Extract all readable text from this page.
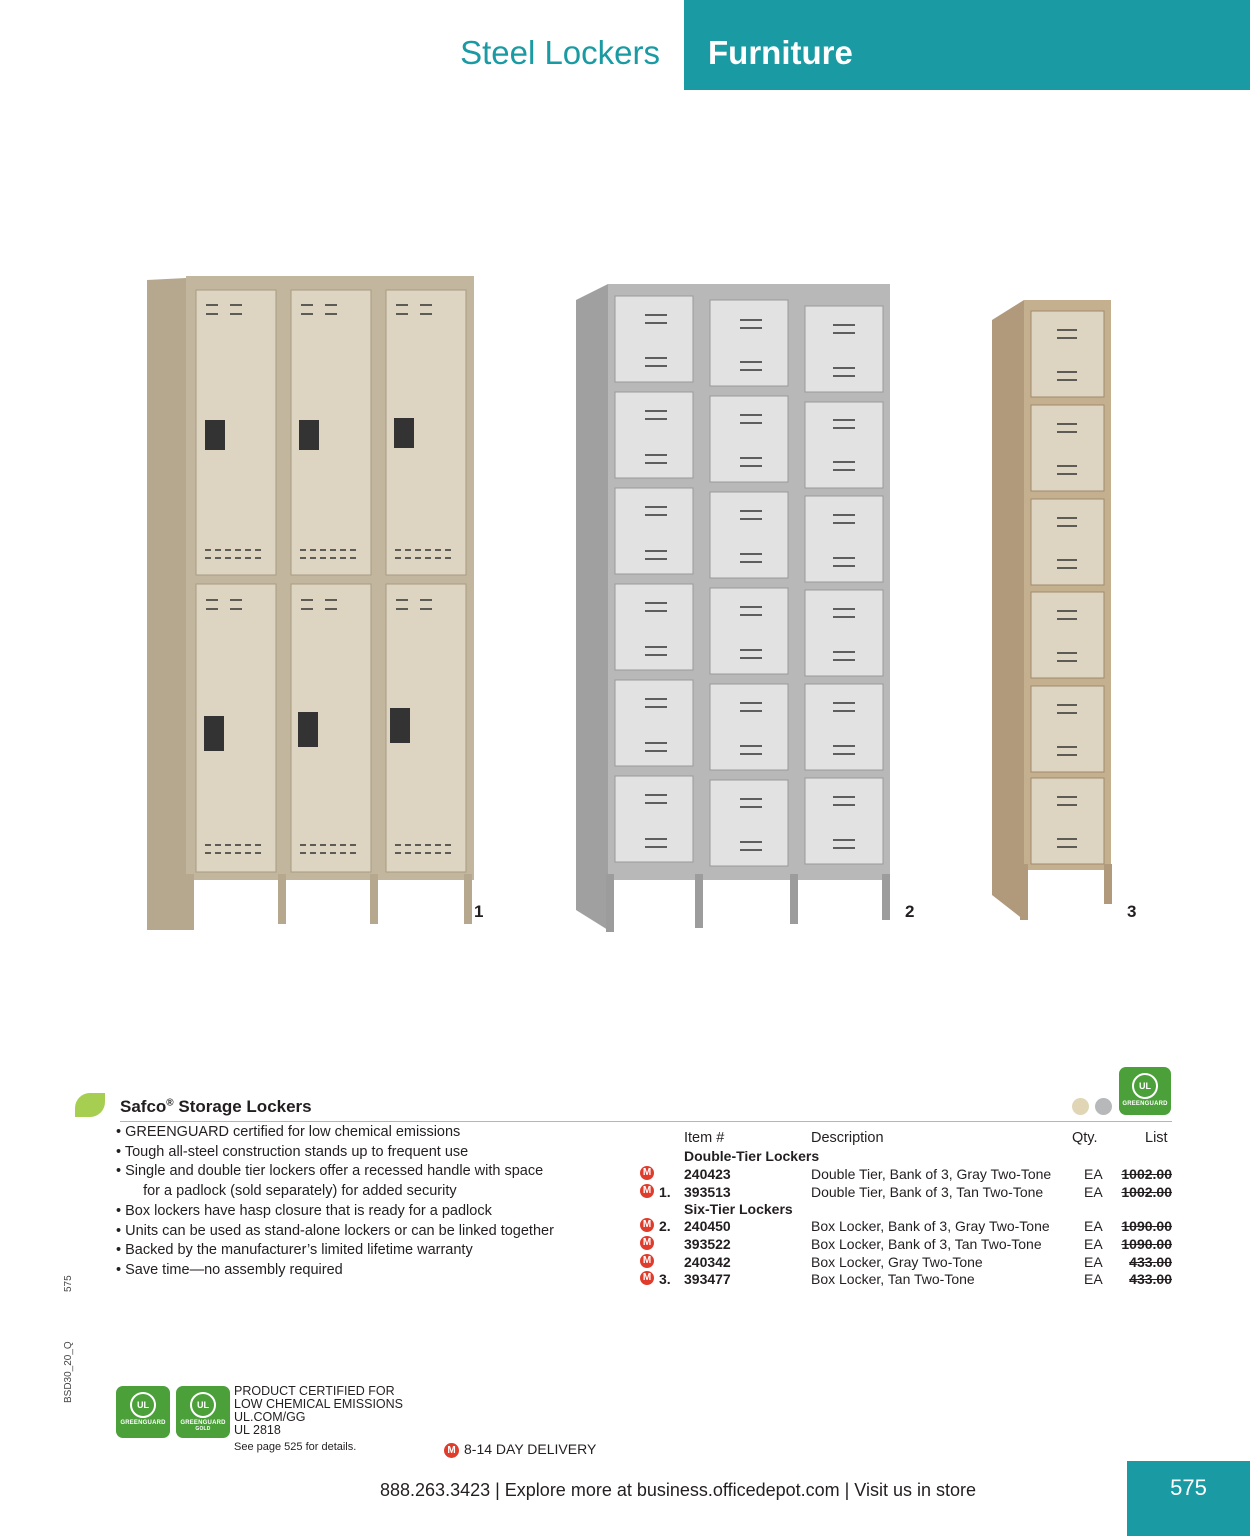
Steel Lockers Furniture
1	2	3
Safco® Storage Lockers
UL
GREENGUARD
• GREENGUARD certified for low chemical emissions
• Tough all-steel construction stands up to frequent use
• Single and double tier lockers offer a recessed handle with space
for a padlock (sold separately) for added security
• Box lockers have hasp closure that is ready for a padlock
• Units can be used as stand-alone lockers or can be linked together
• Backed by the manufacturer’s limited lifetime warranty
• Save time—no assembly required
Item #	Description	Qty.	List
Double-Tier Lockers
M 240423	Double Tier, Bank of 3, Gray Two-Tone EA 1002.00
M 1. 393513	Double Tier, Bank of 3, Tan Two-Tone	EA 1002.00
Six-Tier Lockers
M 2. 240450	Box Locker, Bank of 3, Gray Two-Tone EA 1090.00
M 393522	Box Locker, Bank of 3, Tan Two-Tone	EA 1090.00
M 240342	Box Locker, Gray Two-Tone	EA 433.00
M 3. 393477	Box Locker, Tan Two-Tone	EA 433.00
UL
GREENGUARD
UL
GREENGUARD
GOLD
PRODUCT CERTIFIED FOR
LOW CHEMICAL EMISSIONS
UL.COM/GG
UL 2818
See page 525 for details.	M 8-14 DAY DELIVERY
575
BSD30_20_Q
888.263.3423 | Explore more at business.officedepot.com | Visit us in store	575
